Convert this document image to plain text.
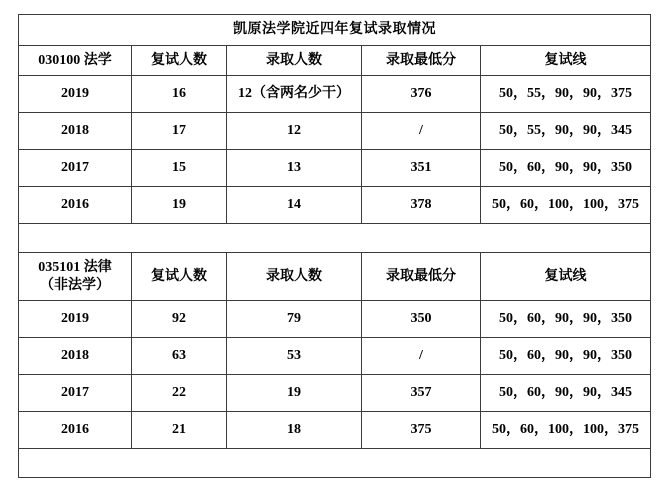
凯原法学院近四年复试录取情况				
030100 法学	复试人数	录取人数	录取最低分	复试线
2019	16	12（含两名少干）	376	50，55，90，90，375
2018	17	12	/	50，55，90，90，345
2017	15	13	351	50，60，90，90，350
2016	19	14	378	50，60，100，100，375

035101 法律
（非法学）	复试人数	录取人数	录取最低分	复试线
2019	92	79	350	50，60，90，90，350
2018	63	53	/	50，60，90，90，350
2017	22	19	357	50，60，90，90，345
2016	21	18	375	50，60，100，100，375
